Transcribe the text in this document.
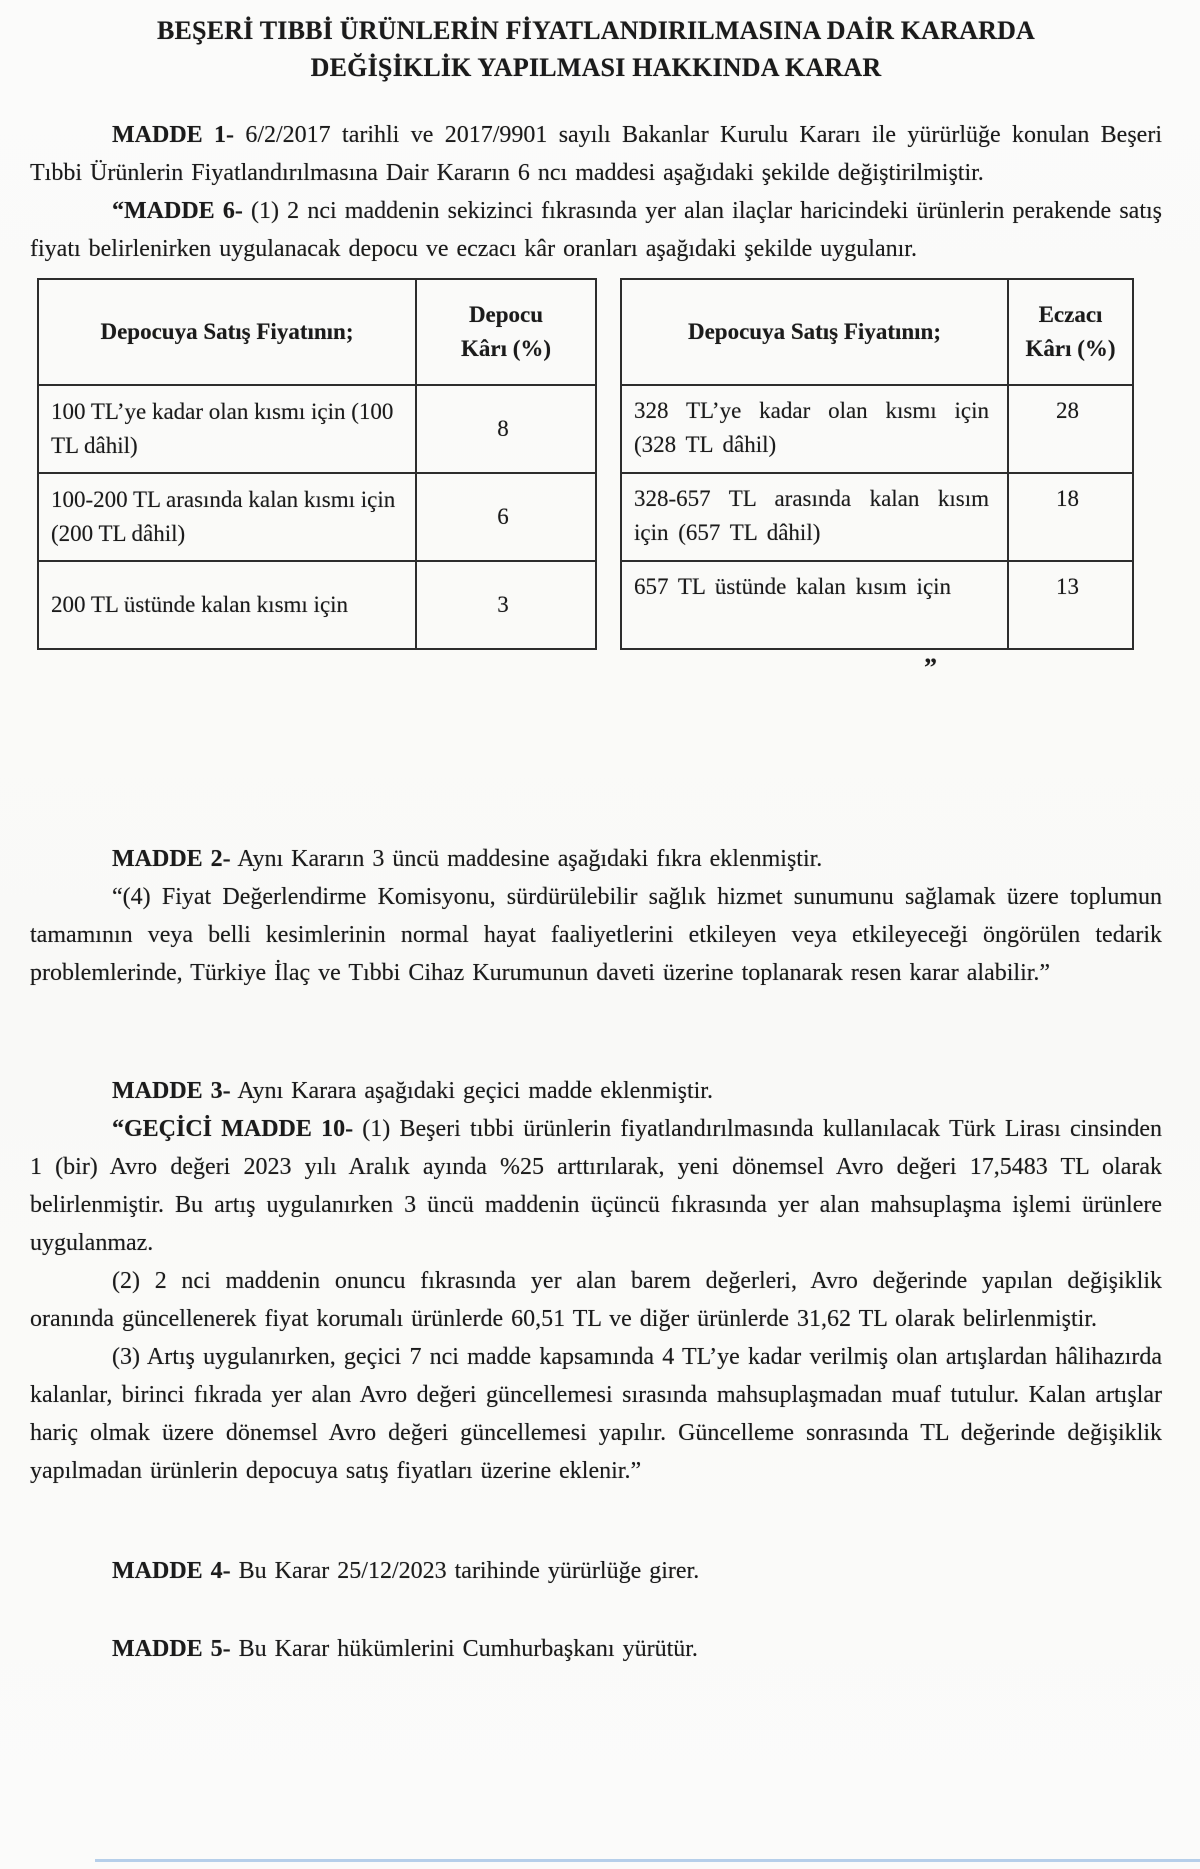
BEŞERİ TIBBİ ÜRÜNLERİN FİYATLANDIRILMASINA DAİR KARARDA
DEĞİŞİKLİK YAPILMASI HAKKINDA KARAR

MADDE 1- 6/2/2017 tarihli ve 2017/9901 sayılı Bakanlar Kurulu Kararı ile yürürlüğe konulan Beşeri Tıbbi Ürünlerin Fiyatlandırılmasına Dair Kararın 6 ncı maddesi aşağıdaki şekilde değiştirilmiştir.

“MADDE 6- (1) 2 nci maddenin sekizinci fıkrasında yer alan ilaçlar haricindeki ürünlerin perakende satış fiyatı belirlenirken uygulanacak depocu ve eczacı kâr oranları aşağıdaki şekilde uygulanır.

Depocuya Satış Fiyatının;	Depocu Kârı (%)
100 TL’ye kadar olan kısmı için (100 TL dâhil)	8
100-200 TL arasında kalan kısmı için (200 TL dâhil)	6
200 TL üstünde kalan kısmı için	3
Depocuya Satış Fiyatının;	Eczacı Kârı (%)
328 TL’ye kadar olan kısmı için (328 TL dâhil)	28
328-657 TL arasında kalan kısım için (657 TL dâhil)	18
657 TL üstünde kalan kısım için	13
”

MADDE 2- Aynı Kararın 3 üncü maddesine aşağıdaki fıkra eklenmiştir.

“(4) Fiyat Değerlendirme Komisyonu, sürdürülebilir sağlık hizmet sunumunu sağlamak üzere toplumun tamamının veya belli kesimlerinin normal hayat faaliyetlerini etkileyen veya etkileyeceği öngörülen tedarik problemlerinde, Türkiye İlaç ve Tıbbi Cihaz Kurumunun daveti üzerine toplanarak resen karar alabilir.”

MADDE 3- Aynı Karara aşağıdaki geçici madde eklenmiştir.

“GEÇİCİ MADDE 10- (1) Beşeri tıbbi ürünlerin fiyatlandırılmasında kullanılacak Türk Lirası cinsinden 1 (bir) Avro değeri 2023 yılı Aralık ayında %25 arttırılarak, yeni dönemsel Avro değeri 17,5483 TL olarak belirlenmiştir. Bu artış uygulanırken 3 üncü maddenin üçüncü fıkrasında yer alan mahsuplaşma işlemi ürünlere uygulanmaz.

(2) 2 nci maddenin onuncu fıkrasında yer alan barem değerleri, Avro değerinde yapılan değişiklik oranında güncellenerek fiyat korumalı ürünlerde 60,51 TL ve diğer ürünlerde 31,62 TL olarak belirlenmiştir.

(3) Artış uygulanırken, geçici 7 nci madde kapsamında 4 TL’ye kadar verilmiş olan artışlardan hâlihazırda kalanlar, birinci fıkrada yer alan Avro değeri güncellemesi sırasında mahsuplaşmadan muaf tutulur. Kalan artışlar hariç olmak üzere dönemsel Avro değeri güncellemesi yapılır. Güncelleme sonrasında TL değerinde değişiklik yapılmadan ürünlerin depocuya satış fiyatları üzerine eklenir.”

MADDE 4- Bu Karar 25/12/2023 tarihinde yürürlüğe girer.

MADDE 5- Bu Karar hükümlerini Cumhurbaşkanı yürütür.
